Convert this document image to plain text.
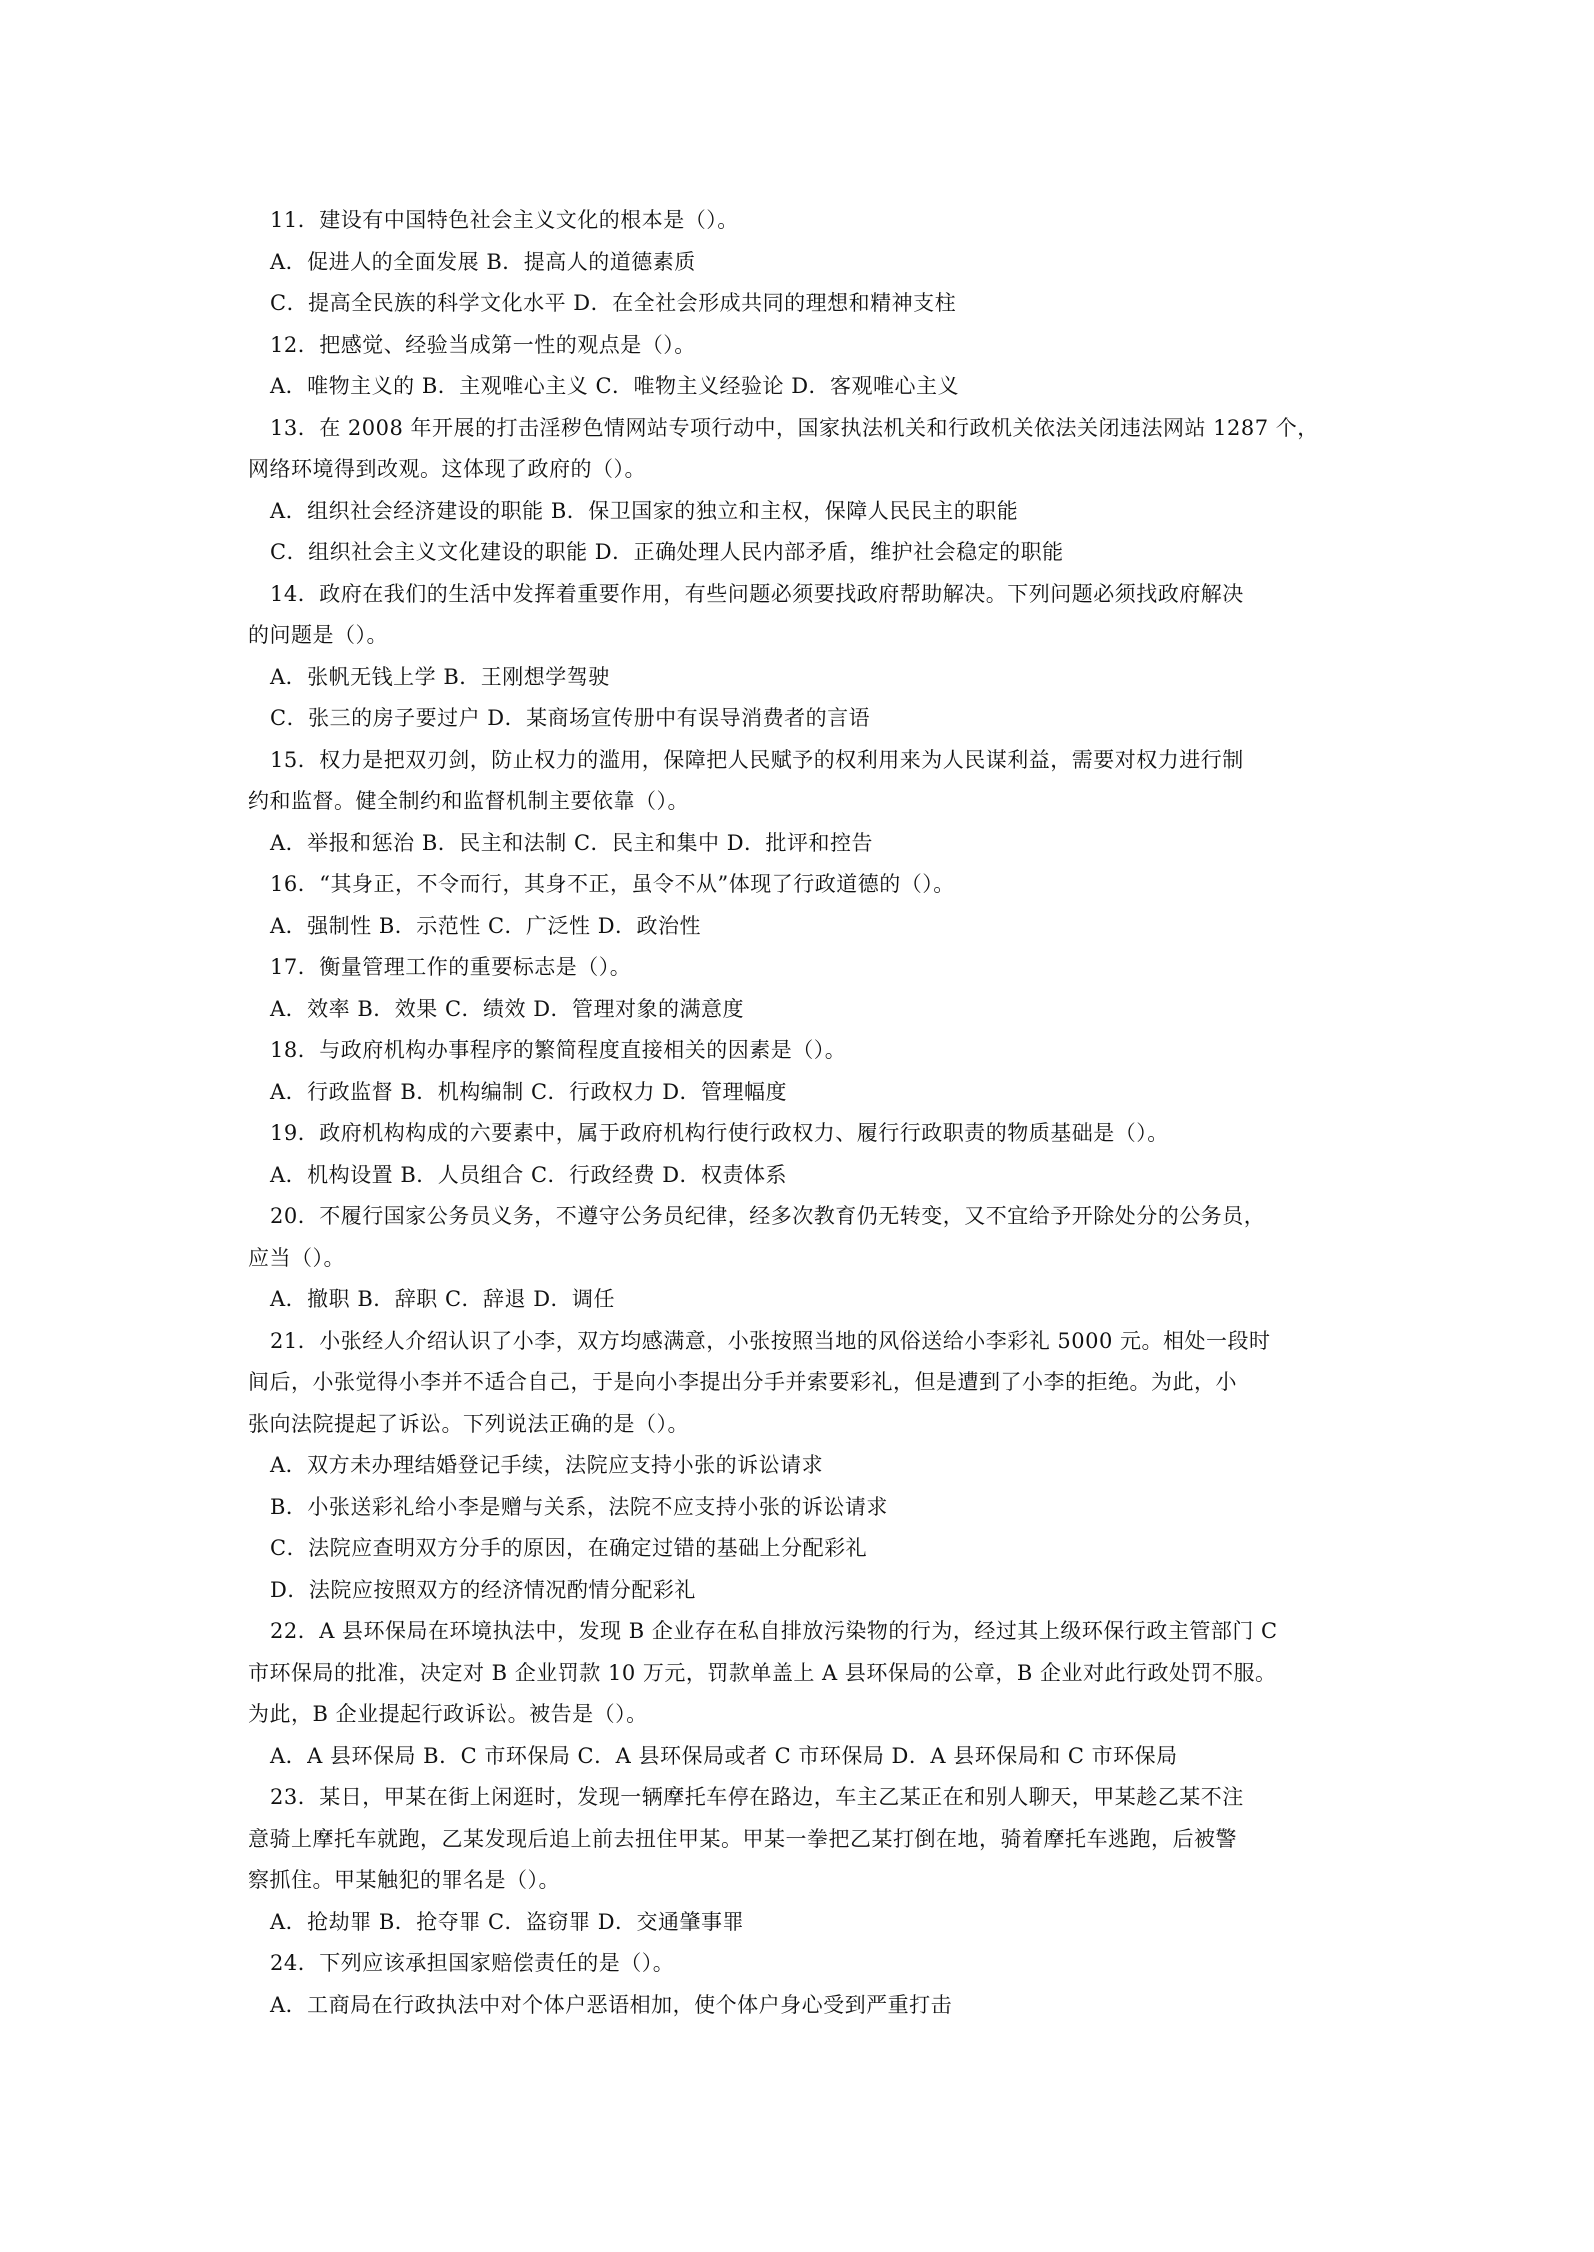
11．建设有中国特色社会主义文化的根本是（）。
A．促进人的全面发展 B．提高人的道德素质
C．提高全民族的科学文化水平 D．在全社会形成共同的理想和精神支柱
12．把感觉、经验当成第一性的观点是（）。
A．唯物主义的 B．主观唯心主义 C．唯物主义经验论 D．客观唯心主义
13．在 2008 年开展的打击淫秽色情网站专项行动中，国家执法机关和行政机关依法关闭违法网站 1287 个，
网络环境得到改观。这体现了政府的（）。
A．组织社会经济建设的职能 B．保卫国家的独立和主权，保障人民民主的职能
C．组织社会主义文化建设的职能 D．正确处理人民内部矛盾，维护社会稳定的职能
14．政府在我们的生活中发挥着重要作用，有些问题必须要找政府帮助解决。下列问题必须找政府解决
的问题是（）。
A．张帆无钱上学 B．王刚想学驾驶
C．张三的房子要过户 D．某商场宣传册中有误导消费者的言语
15．权力是把双刃剑，防止权力的滥用，保障把人民赋予的权利用来为人民谋利益，需要对权力进行制
约和监督。健全制约和监督机制主要依靠（）。
A．举报和惩治 B．民主和法制 C．民主和集中 D．批评和控告
16．“其身正，不令而行，其身不正，虽令不从”体现了行政道德的（）。
A．强制性 B．示范性 C．广泛性 D．政治性
17．衡量管理工作的重要标志是（）。
A．效率 B．效果 C．绩效 D．管理对象的满意度
18．与政府机构办事程序的繁简程度直接相关的因素是（）。
A．行政监督 B．机构编制 C．行政权力 D．管理幅度
19．政府机构构成的六要素中，属于政府机构行使行政权力、履行行政职责的物质基础是（）。
A．机构设置 B．人员组合 C．行政经费 D．权责体系
20．不履行国家公务员义务，不遵守公务员纪律，经多次教育仍无转变，又不宜给予开除处分的公务员，
应当（）。
A．撤职 B．辞职 C．辞退 D．调任
21．小张经人介绍认识了小李，双方均感满意，小张按照当地的风俗送给小李彩礼 5000 元。相处一段时
间后，小张觉得小李并不适合自己，于是向小李提出分手并索要彩礼，但是遭到了小李的拒绝。为此，小
张向法院提起了诉讼。下列说法正确的是（）。
A．双方未办理结婚登记手续，法院应支持小张的诉讼请求
B．小张送彩礼给小李是赠与关系，法院不应支持小张的诉讼请求
C．法院应查明双方分手的原因，在确定过错的基础上分配彩礼
D．法院应按照双方的经济情况酌情分配彩礼
22．A 县环保局在环境执法中，发现 B 企业存在私自排放污染物的行为，经过其上级环保行政主管部门 C
市环保局的批准，决定对 B 企业罚款 10 万元，罚款单盖上 A 县环保局的公章，B 企业对此行政处罚不服。
为此，B 企业提起行政诉讼。被告是（）。
A．A 县环保局 B．C 市环保局 C．A 县环保局或者 C 市环保局 D．A 县环保局和 C 市环保局
23．某日，甲某在街上闲逛时，发现一辆摩托车停在路边，车主乙某正在和别人聊天，甲某趁乙某不注
意骑上摩托车就跑，乙某发现后追上前去扭住甲某。甲某一拳把乙某打倒在地，骑着摩托车逃跑，后被警
察抓住。甲某触犯的罪名是（）。
A．抢劫罪 B．抢夺罪 C．盗窃罪 D．交通肇事罪
24．下列应该承担国家赔偿责任的是（）。
A．工商局在行政执法中对个体户恶语相加，使个体户身心受到严重打击
